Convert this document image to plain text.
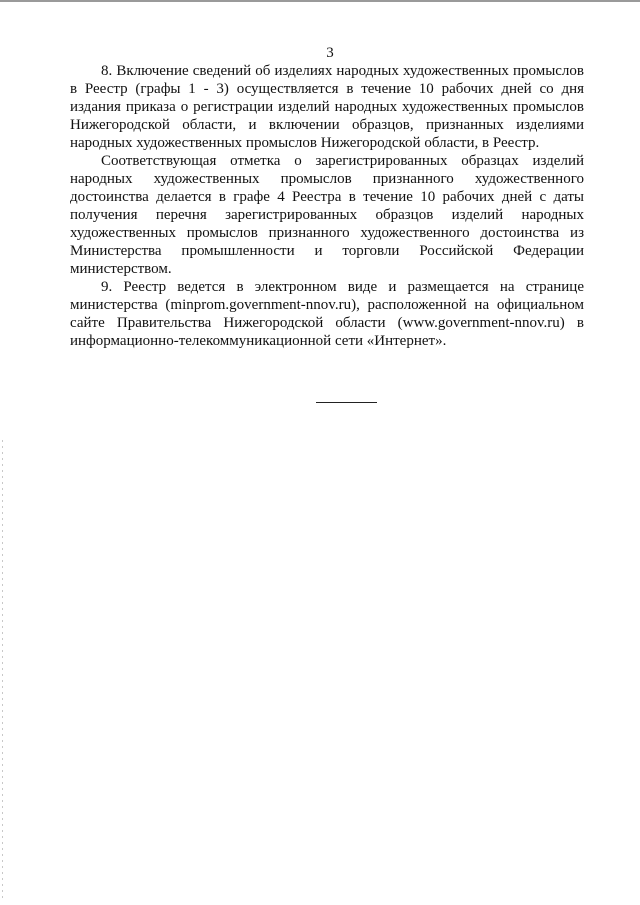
3

8. Включение сведений об изделиях народных художественных промыслов в Реестр (графы 1 - 3) осуществляется в течение 10 рабочих дней со дня издания приказа о регистрации изделий народных художественных промыслов Нижегородской области, и включении образцов, признанных изделиями народных художественных промыслов Нижегородской области, в Реестр.

Соответствующая отметка о зарегистрированных образцах изделий народных художественных промыслов признанного художественного достоинства делается в графе 4 Реестра в течение 10 рабочих дней с даты получения перечня зарегистрированных образцов изделий народных художественных промыслов признанного художественного достоинства из Министерства промышленности и торговли Российской Федерации министерством.

9. Реестр ведется в электронном виде и размещается на странице министерства (minprom.government-nnov.ru), расположенной на официальном сайте Правительства Нижегородской области (www.government-nnov.ru) в информационно-телекоммуникационной сети «Интернет».
